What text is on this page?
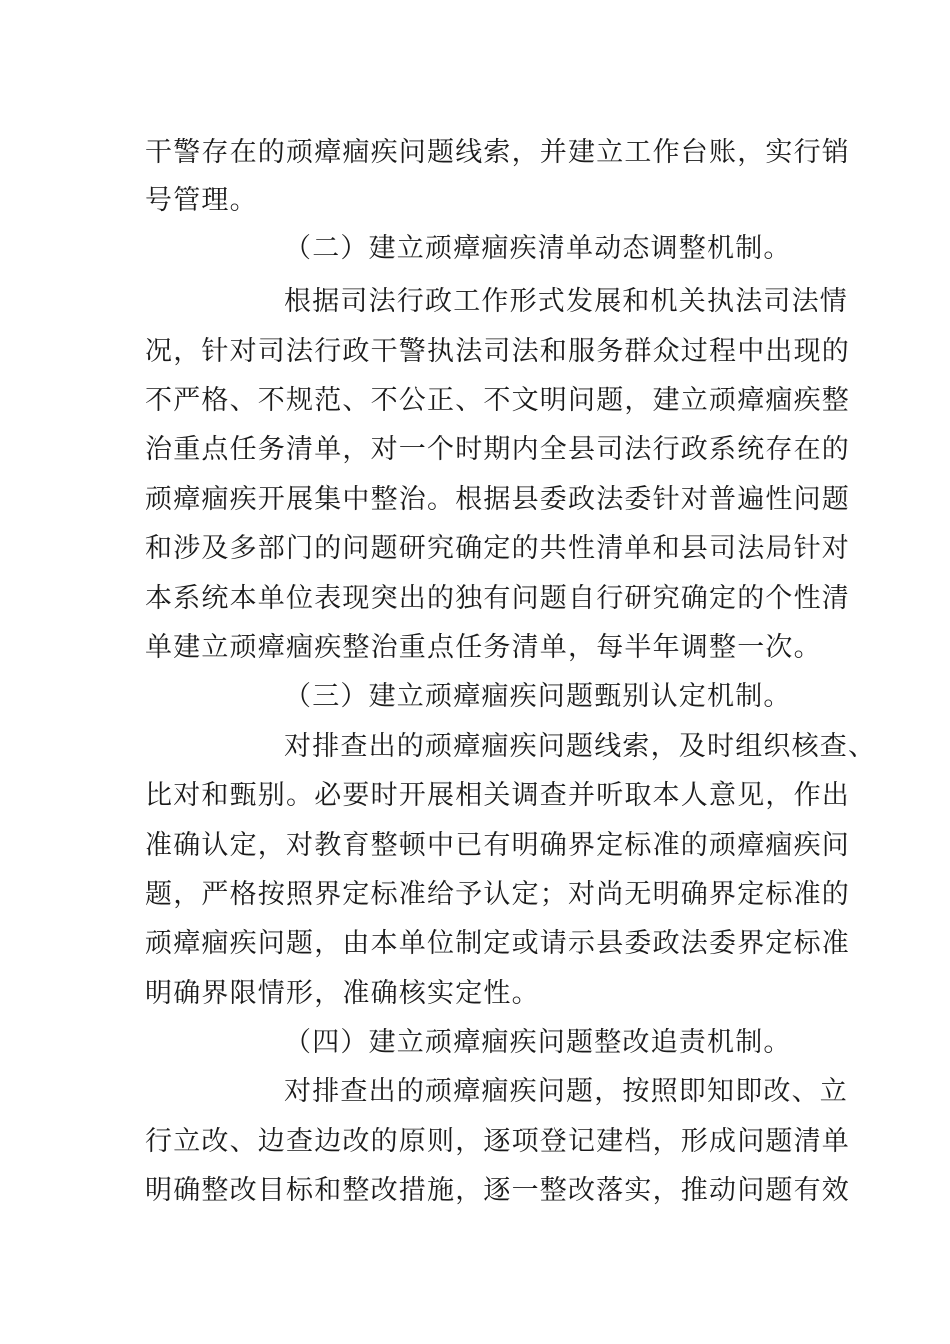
干警存在的顽瘴痼疾问题线索，并建立工作台账，实行销
号管理。
（二）建立顽瘴痼疾清单动态调整机制。
根据司法行政工作形式发展和机关执法司法情
况，针对司法行政干警执法司法和服务群众过程中出现的
不严格、不规范、不公正、不文明问题，建立顽瘴痼疾整
治重点任务清单，对一个时期内全县司法行政系统存在的
顽瘴痼疾开展集中整治。根据县委政法委针对普遍性问题
和涉及多部门的问题研究确定的共性清单和县司法局针对
本系统本单位表现突出的独有问题自行研究确定的个性清
单建立顽瘴痼疾整治重点任务清单，每半年调整一次。
（三）建立顽瘴痼疾问题甄别认定机制。
对排查出的顽瘴痼疾问题线索，及时组织核查、
比对和甄别。必要时开展相关调查并听取本人意见，作出
准确认定，对教育整顿中已有明确界定标准的顽瘴痼疾问
题，严格按照界定标准给予认定；对尚无明确界定标准的
顽瘴痼疾问题，由本单位制定或请示县委政法委界定标准
明确界限情形，准确核实定性。
（四）建立顽瘴痼疾问题整改追责机制。
对排查出的顽瘴痼疾问题，按照即知即改、立
行立改、边查边改的原则，逐项登记建档，形成问题清单
明确整改目标和整改措施，逐一整改落实，推动问题有效
